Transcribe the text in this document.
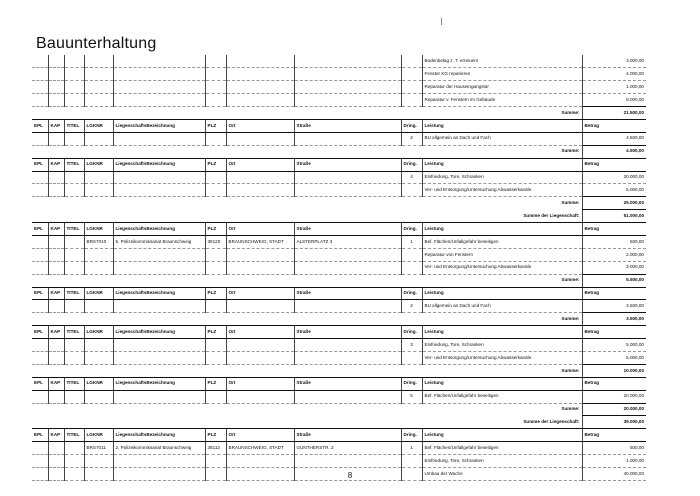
Bauunterhaltung
									Bodenbelag z. T. erneuern	3.000,00
									Fenster KG reparieren	4.000,00
									Reparatur der Hauseingangstür	1.000,00
									Reparatur v. Fenstern im Gebäude	8.000,00
									Summe:	21.500,00
EPL	KAP	TITEL	LGKNR	LiegenschaftsBezeichnung	PLZ	Ort	Straße	Dring.	Leistung	Betrag
								2	BU allgemein an Dach und Fach	4.500,00
									Summe:	4.500,00
EPL	KAP	TITEL	LGKNR	LiegenschaftsBezeichnung	PLZ	Ort	Straße	Dring.	Leistung	Betrag
								4	Einfriedung, Tore, Schranken	20.000,00
									Ver- und Entsorgung/Untersuchung Abwasserkanäle	5.000,00
									Summe:	25.000,00
									Summe der Liegenschaft:	51.000,00
EPL	KAP	TITEL	LGKNR	LiegenschaftsBezeichnung	PLZ	Ort	Straße	Dring.	Leistung	Betrag
			BRS7010	5. Polizeikommissariat Braunschweig	38120	BRAUNSCHWEIG, STADT	ALSTERPLATZ 3	1	Bef. Flächen/Unfallgefahr beseitigen	500,00
									Reparatur von Fenstern	2.000,00
									Ver- und Entsorgung/Untersuchung Abwasserkanäle	3.000,00
									Summe:	5.500,00
EPL	KAP	TITEL	LGKNR	LiegenschaftsBezeichnung	PLZ	Ort	Straße	Dring.	Leistung	Betrag
								2	BU allgemein an Dach und Fach	3.500,00
									Summe:	3.500,00
EPL	KAP	TITEL	LGKNR	LiegenschaftsBezeichnung	PLZ	Ort	Straße	Dring.	Leistung	Betrag
								3	Einfriedung, Tore, Schranken	5.000,00
									Ver- und Entsorgung/Untersuchung Abwasserkanäle	5.000,00
									Summe:	10.000,00
EPL	KAP	TITEL	LGKNR	LiegenschaftsBezeichnung	PLZ	Ort	Straße	Dring.	Leistung	Betrag
								5	Bef. Flächen/Unfallgefahr beseitigen	20.000,00
									Summe:	20.000,00
									Summe der Liegenschaft:	39.000,00
EPL	KAP	TITEL	LGKNR	LiegenschaftsBezeichnung	PLZ	Ort	Straße	Dring.	Leistung	Betrag
			BRS7011	2. Polizeikommissariat Braunschweig	38112	BRAUNSCHWEIG, STADT	GUNTHERSTR. 2	1	Bef. Flächen/Unfallgefahr beseitigen	500,00
									Einfriedung, Tore, Schranken	1.000,00
									Umbau der Wache	40.000,00
8
